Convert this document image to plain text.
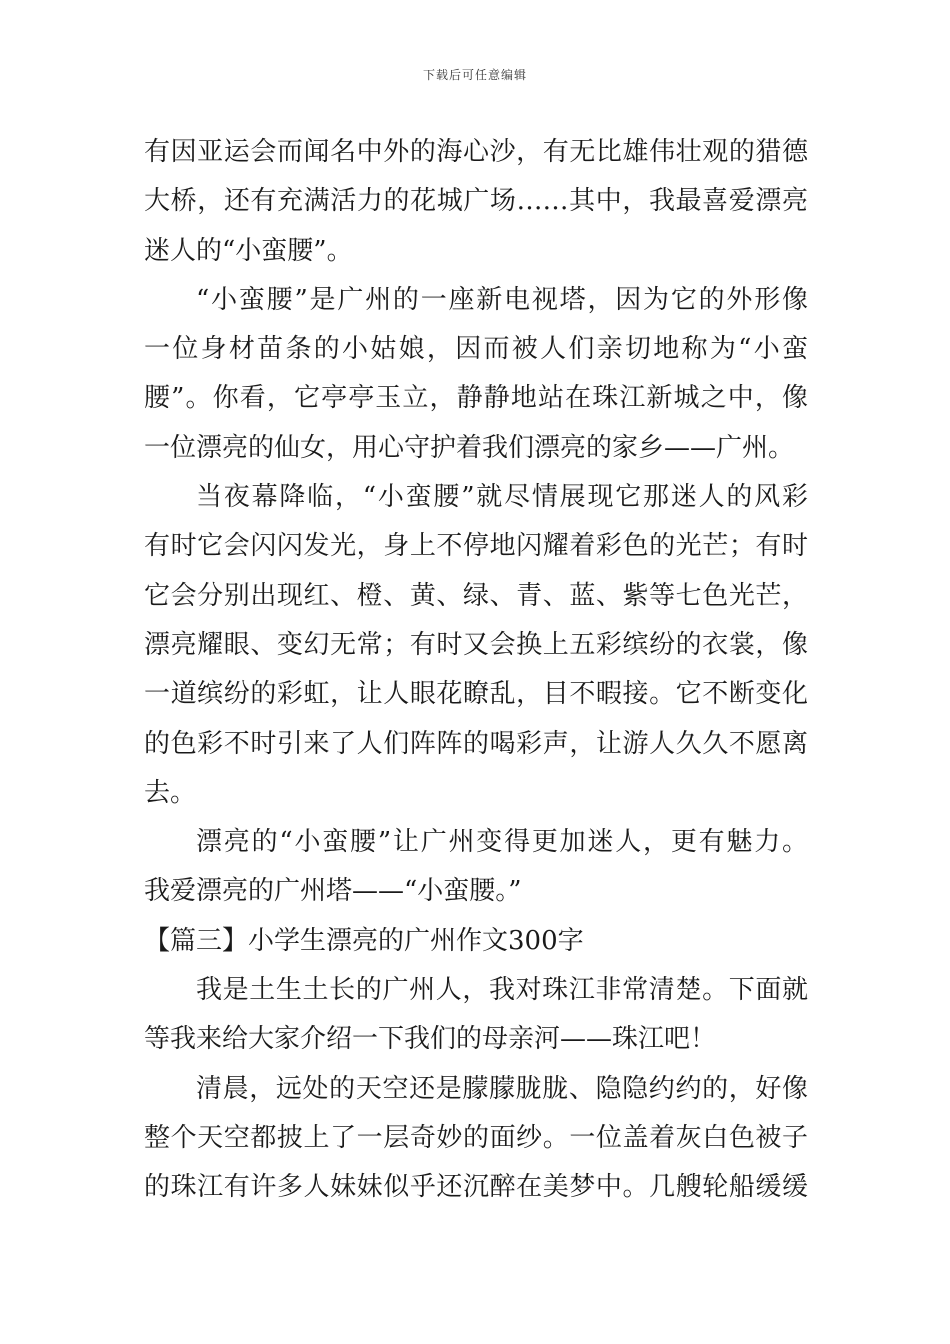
下载后可任意编辑
有因亚运会而闻名中外的海心沙，有无比雄伟壮观的猎德
大桥，还有充满活力的花城广场……其中，我最喜爱漂亮
迷人的“小蛮腰”。
“小蛮腰”是广州的一座新电视塔，因为它的外形像
一位身材苗条的小姑娘，因而被人们亲切地称为“小蛮
腰”。你看，它亭亭玉立，静静地站在珠江新城之中，像
一位漂亮的仙女，用心守护着我们漂亮的家乡——广州。
当夜幕降临，“小蛮腰”就尽情展现它那迷人的风彩
有时它会闪闪发光，身上不停地闪耀着彩色的光芒；有时
它会分别出现红、橙、黄、绿、青、蓝、紫等七色光芒，
漂亮耀眼、变幻无常；有时又会换上五彩缤纷的衣裳，像
一道缤纷的彩虹，让人眼花瞭乱，目不暇接。它不断变化
的色彩不时引来了人们阵阵的喝彩声，让游人久久不愿离
去。
漂亮的“小蛮腰”让广州变得更加迷人，更有魅力。
我爱漂亮的广州塔——“小蛮腰。”
【篇三】小学生漂亮的广州作文300字
我是土生土长的广州人，我对珠江非常清楚。下面就
等我来给大家介绍一下我们的母亲河——珠江吧！
清晨，远处的天空还是朦朦胧胧、隐隐约约的，好像
整个天空都披上了一层奇妙的面纱。一位盖着灰白色被子
的珠江有许多人妹妹似乎还沉醉在美梦中。几艘轮船缓缓
